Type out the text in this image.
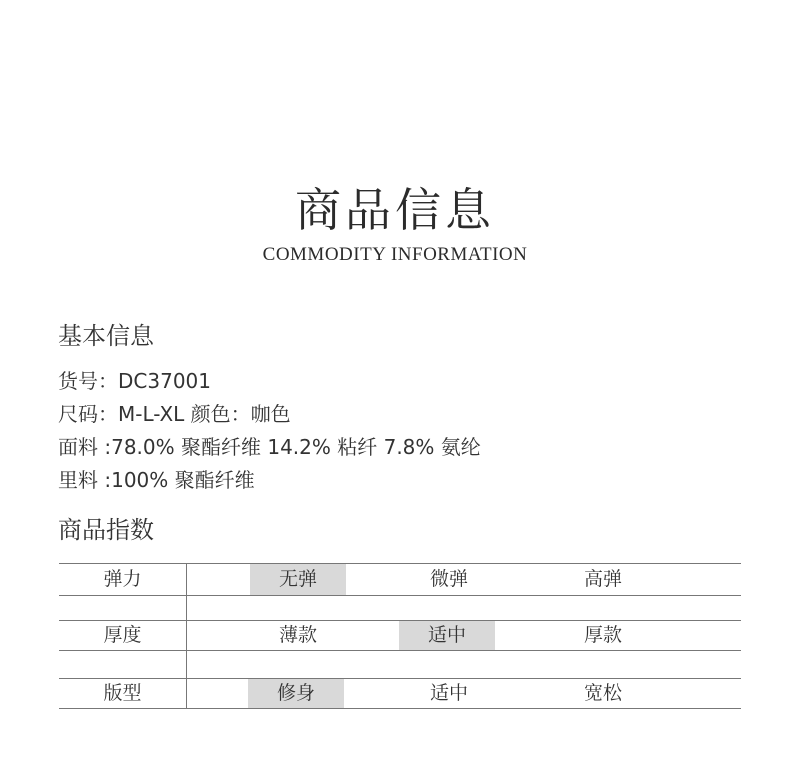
商品信息
COMMODITY INFORMATION
基本信息
货号：DC37001
尺码：M-L-XL 颜色：咖色
面料 :78.0% 聚酯纤维 14.2% 粘纤 7.8% 氨纶
里料 :100% 聚酯纤维
商品指数
弹力	无弹	微弹	高弹
厚度	薄款	适中	厚款
版型	修身	适中	宽松
